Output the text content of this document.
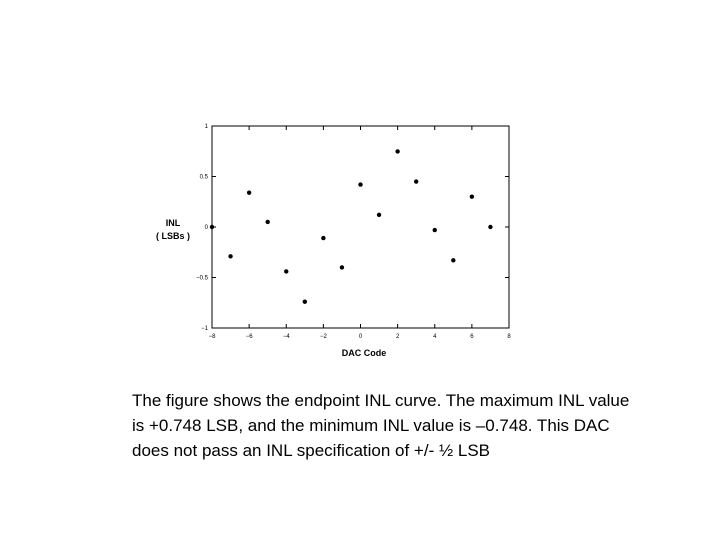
−8	−6	−4	−2	0	2	4	6	8
1
0.5
0
−0.5
−1
DAC Code
INL
( LSBs )

The figure shows the endpoint INL curve. The maximum INL value is +0.748 LSB, and the minimum INL value is –0.748. This DAC does not pass an INL specification of +/- ½ LSB
